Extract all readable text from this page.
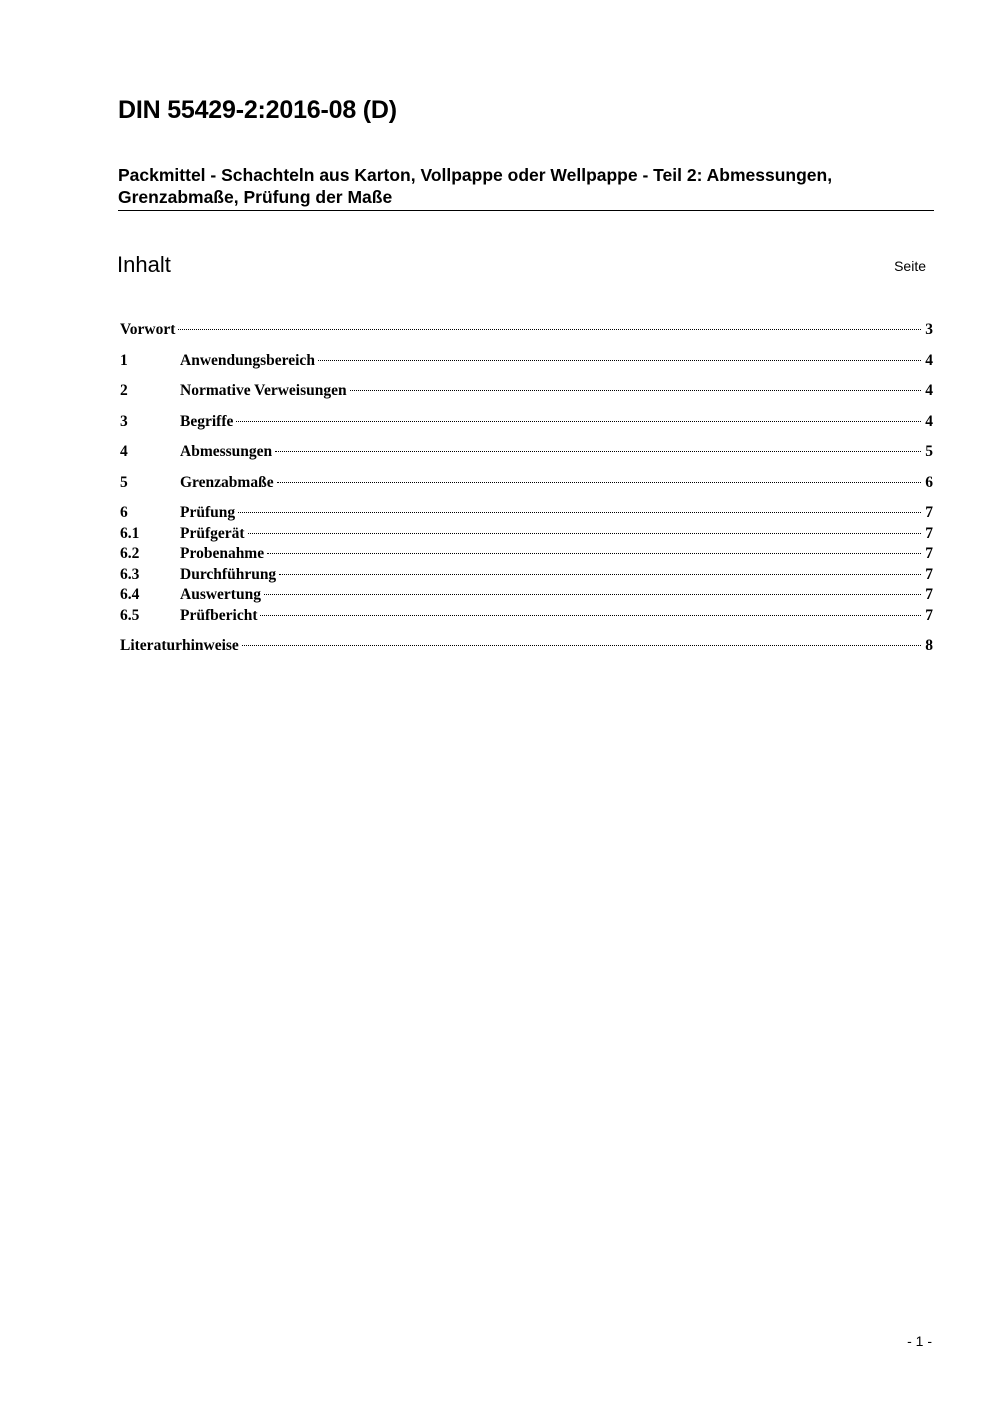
DIN 55429-2:2016-08 (D)
Packmittel - Schachteln aus Karton, Vollpappe oder Wellpappe - Teil 2: Abmessungen, Grenzabmaße, Prüfung der Maße
Inhalt	Seite
Vorwort	3
1	Anwendungsbereich	4
2	Normative Verweisungen	4
3	Begriffe	4
4	Abmessungen	5
5	Grenzabmaße	6
6	Prüfung	7
6.1	Prüfgerät	7
6.2	Probenahme	7
6.3	Durchführung	7
6.4	Auswertung	7
6.5	Prüfbericht	7
Literaturhinweise	8
- 1 -
